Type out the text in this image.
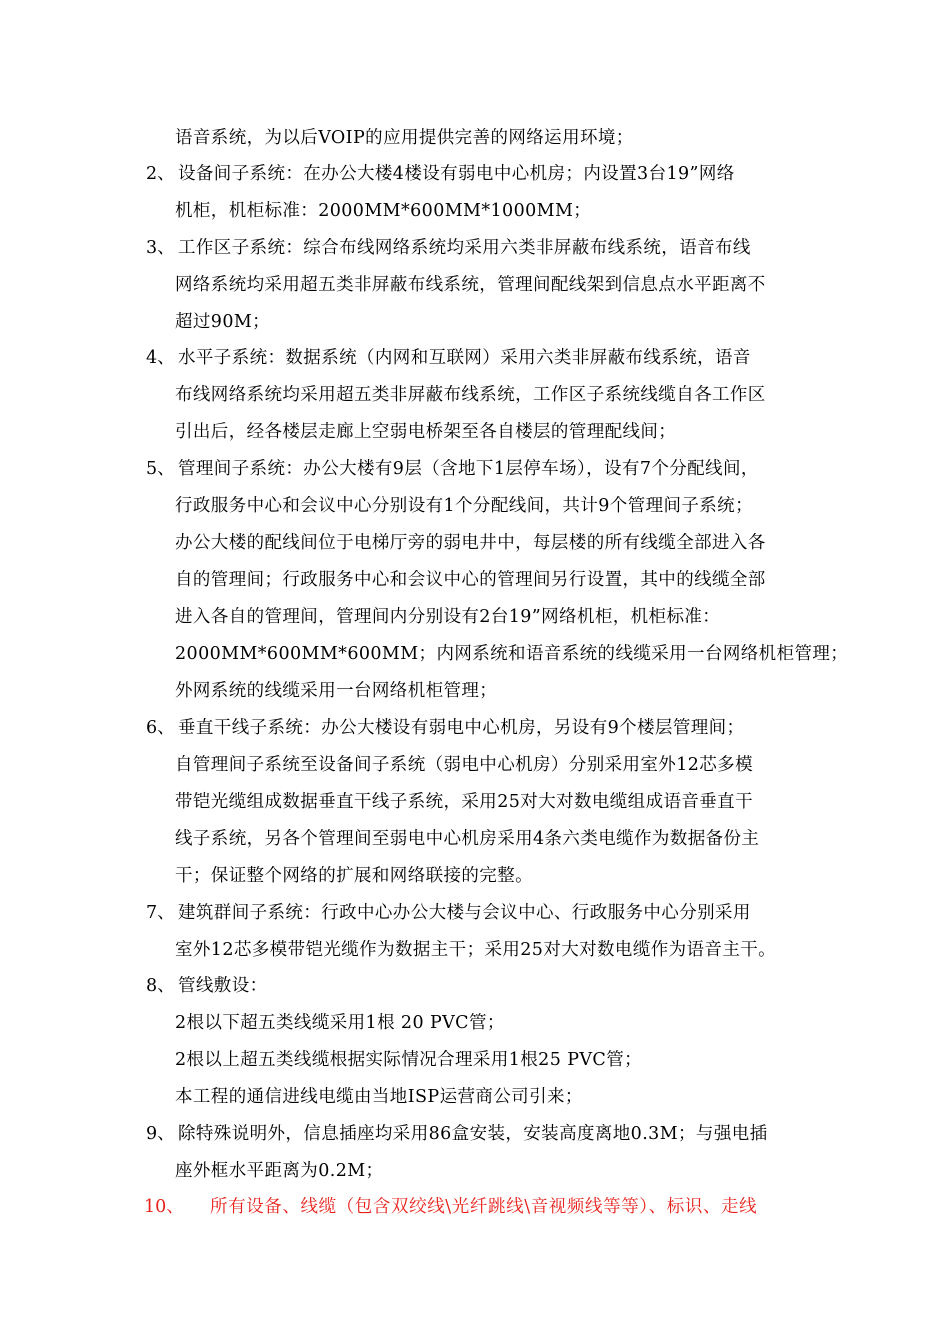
语音系统，为以后VOIP的应用提供完善的网络运用环境；
2、 设备间子系统：在办公大楼4楼设有弱电中心机房；内设置3台19”网络
机柜，机柜标准：2000MM*600MM*1000MM；
3、 工作区子系统：综合布线网络系统均采用六类非屏蔽布线系统，语音布线
网络系统均采用超五类非屏蔽布线系统，管理间配线架到信息点水平距离不
超过90M；
4、 水平子系统：数据系统（内网和互联网）采用六类非屏蔽布线系统，语音
布线网络系统均采用超五类非屏蔽布线系统，工作区子系统线缆自各工作区
引出后，经各楼层走廊上空弱电桥架至各自楼层的管理配线间；
5、 管理间子系统：办公大楼有9层（含地下1层停车场），设有7个分配线间，
行政服务中心和会议中心分别设有1个分配线间，共计9个管理间子系统；
办公大楼的配线间位于电梯厅旁的弱电井中，每层楼的所有线缆全部进入各
自的管理间；行政服务中心和会议中心的管理间另行设置，其中的线缆全部
进入各自的管理间，管理间内分别设有2台19”网络机柜，机柜标准：
2000MM*600MM*600MM；内网系统和语音系统的线缆采用一台网络机柜管理；
外网系统的线缆采用一台网络机柜管理；
6、 垂直干线子系统：办公大楼设有弱电中心机房，另设有9个楼层管理间；
自管理间子系统至设备间子系统（弱电中心机房）分别采用室外12芯多模
带铠光缆组成数据垂直干线子系统，采用25对大对数电缆组成语音垂直干
线子系统，另各个管理间至弱电中心机房采用4条六类电缆作为数据备份主
干；保证整个网络的扩展和网络联接的完整。
7、 建筑群间子系统：行政中心办公大楼与会议中心、行政服务中心分别采用
室外12芯多模带铠光缆作为数据主干；采用25对大对数电缆作为语音主干。
8、 管线敷设：
2根以下超五类线缆采用1根 20 PVC管；
2根以上超五类线缆根据实际情况合理采用1根25 PVC管；
本工程的通信进线电缆由当地ISP运营商公司引来；
9、 除特殊说明外，信息插座均采用86盒安装，安装高度离地0.3M；与强电插
座外框水平距离为0.2M；
10、 所有设备、线缆（包含双绞线\光纤跳线\音视频线等等）、标识、走线
